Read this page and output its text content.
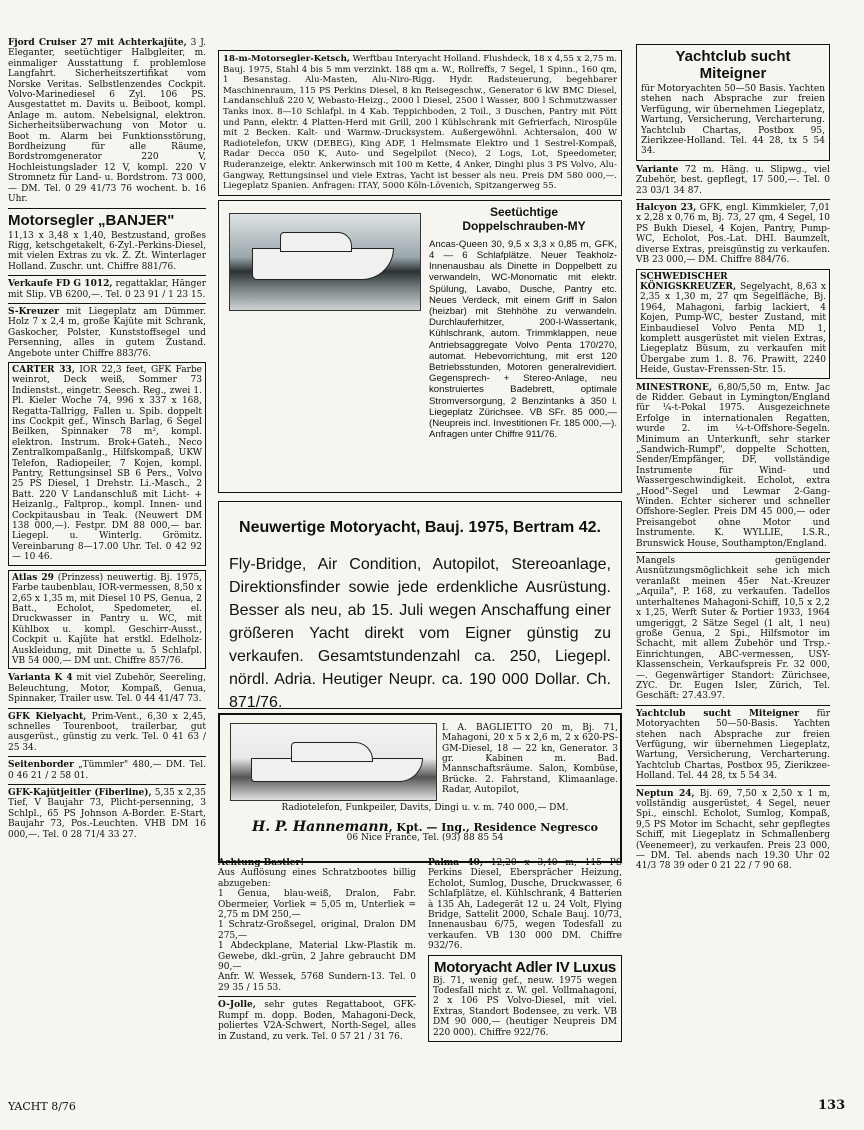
Fjord Cruiser 27 mit Achterkajüte, 3 J. Eleganter, seetüchtiger Halbgleiter, m. einmaliger Ausstattung f. problemlose Langfahrt. Sicherheitszertifikat vom Norske Veritas. Selbstlenzendes Cockpit. Volvo-Marinediesel 6 Zyl. 106 PS. Ausgestattet m. Davits u. Beiboot, kompl. Anlage m. autom. Nebelsignal, elektron. Sicherheitsüberwachung von Motor u. Boot m. Alarm bei Funktionsstörung, Bordheizung für alle Räume, Bordstromgenerator 220 V, Hochleistungslader 12 V, kompl. 220 V Stromnetz für Land- u. Bordstrom. 73 000,— DM. Tel. 0 29 41/73 76 wochent. b. 16 Uhr.

Motorsegler „BANJER"

11,13 x 3,48 x 1,40, Bestzustand, großes Rigg, ketschgetakelt, 6-Zyl.-Perkins-Diesel, mit vielen Extras zu vk. Z. Zt. Winterlager Holland. Zuschr. unt. Chiffre 881/76.

Verkaufe FD G 1012, regattaklar, Hänger mit Slip. VB 6200,—. Tel. 0 23 91 / 1 23 15.

S-Kreuzer mit Liegeplatz am Dümmer. Holz 7 x 2,4 m, große Kajüte mit Schrank, Gaskocher, Polster, Kunststoffsegel und Persenning, alles in gutem Zustand. Angebote unter Chiffre 883/76.

CARTER 33, IOR 22,3 feet, GFK Farbe weinrot, Deck weiß, Sommer 73 Indienstst., eingetr. Seesch. Reg., zwei 1. Pl. Kieler Woche 74, 996 x 337 x 168, Regatta-Tallrigg, Fallen u. Spib. doppelt ins Cockpit gef., Winsch Barlag, 6 Segel Beilken, Spinnaker 78 m², kompl. elektron. Instrum. Brok+Gateh., Neco Zentralkompaßanlg., Hilfskompaß, UKW Telefon, Radiopeiler, 7 Kojen, kompl. Pantry, Rettungsinsel SB 6 Pers., Volvo 25 PS Diesel, 1 Drehstr. Li.-Masch., 2 Batt. 220 V Landanschluß mit Licht- + Heizanlg., Faltprop., kompl. Innen- und Cockpitausbau in Teak. (Neuwert DM 138 000,—). Festpr. DM 88 000,— bar. Liegepl. u. Winterlg. Grömitz. Vereinbarung 8—17.00 Uhr. Tel. 0 42 92 — 10 46.

Atlas 29 (Prinzess) neuwertig. Bj. 1975, Farbe taubenblau, IOR-vermessen, 8,50 x 2,65 x 1,35 m, mit Diesel 10 PS, Genua, 2 Batt., Echolot, Spedometer, el. Druckwasser in Pantry u. WC, mit Kühlbox u. kompl. Geschirr-Ausst., Cockpit u. Kajüte hat erstkl. Edelholz-Auskleidung, mit Dinette u. 5 Schlafpl. VB 54 000,— DM unt. Chiffre 857/76.

Varianta K 4 mit viel Zubehör, Seereling, Beleuchtung, Motor, Kompaß, Genua, Spinnaker, Trailer usw. Tel. 0 44 41/47 73.

GFK Kielyacht, Prim-Vent., 6,30 x 2,45, schnelles Tourenboot, trailerbar, gut ausgerüst., günstig zu verk. Tel. 0 41 63 / 25 34.

Seitenborder „Tümmler" 480,— DM. Tel. 0 46 21 / 2 58 01.

GFK-Kajütjeitler (Fiberline), 5,35 x 2,35 Tief, V Baujahr 73, Plicht-persenning, 3 Schlpl., 65 PS Johnson A-Border. E-Start, Baujahr 73, Pos.-Leuchten. VHB DM 16 000,—. Tel. 0 28 71/4 33 27.

18-m-Motorsegler-Ketsch, Werftbau Interyacht Holland. Flushdeck, 18 x 4,55 x 2,75 m. Bauj. 1975, Stahl 4 bis 5 mm verzinkt. 188 qm a. W., Rollreffs, 7 Segel, 1 Spinn., 160 qm, 1 Besanstag. Alu-Masten, Alu-Niro-Rigg. Hydr. Radsteuerung, begehbarer Maschinenraum, 115 PS Perkins Diesel, 8 kn Reisegeschw., Generator 6 kW BMC Diesel, Landanschluß 220 V, Webasto-Heizg., 2000 l Diesel, 2500 l Wasser, 800 l Schmutzwasser Tanks inox. 8—10 Schlafpl. in 4 Kab. Teppichboden, 2 Toil., 3 Duschen, Pantry mit Pött und Pann, elektr. 4 Platten-Herd mit Grill, 200 l Kühlschrank mit Gefrierfach, Nirospüle mit 2 Becken. Kalt- und Warmw.-Drucksystem. Außergewöhnl. Achtersalon, 400 W Radiotelefon, UKW (DEBEG), King ADF, 1 Helmsmate Elektro und 1 Sestrel-Kompaß, Radar Decca 050 K, Auto- und Segelpilot (Neco), 2 Logs, Lot, Speedometer, Ruderanzeige, elektr. Ankerwinsch mit 100 m Kette, 4 Anker, Dinghi plus 3 PS Volvo, Alu-Gangway, Rettungsinsel und viele Extras, Yacht ist besser als neu. Preis DM 580 000,—. Liegeplatz Spanien. Anfragen: ITAY, 5000 Köln-Lövenich, Spitzangerweg 55.

Seetüchtige
Doppelschrauben-MY

Ancas-Queen 30, 9,5 x 3,3 x 0,85 m, GFK, 4 — 6 Schlafplätze. Neuer Teakholz-Innenausbau als Dinette in Doppelbett zu verwandeln, WC-Monomatic mit elektr. Spülung, Lavabo, Dusche, Pantry etc. Neues Verdeck, mit einem Griff in Salon (heizbar) mit Stehhöhe zu verwandeln. Durchlauferhitzer, 200-l-Wassertank, Kühlschrank, autom. Trimmklappen, neue Antriebsaggregate Volvo Penta 170/270, automat. Hebevorrichtung, mit erst 120 Betriebsstunden, Motoren generalrevidiert. Gegensprech- + Stereo-Anlage, neu konstruiertes Badebrett, optimale Stromversorgung, 2 Benzintanks à 350 l. Liegeplatz Zürichsee. VB SFr. 85 000,— (Neupreis incl. Investitionen Fr. 185 000,—). Anfragen unter Chiffre 911/76.

Neuwertige Motoryacht, Bauj. 1975, Bertram 42.

Fly-Bridge, Air Condition, Autopilot, Stereoanlage, Direktionsfinder sowie jede erdenkliche Ausrüstung. Besser als neu, ab 15. Juli wegen Anschaffung einer größeren Yacht direkt vom Eigner günstig zu verkaufen. Gesamtstundenzahl ca. 250, Liegepl. nördl. Adria. Heutiger Neupr. ca. 190 000 Dollar. Ch. 871/76.

I. A. BAGLIETTO 20 m, Bj. 71, Mahagoni, 20 x 5 x 2,6 m, 2 x 620-PS-GM-Diesel, 18 — 22 kn, Generator. 3 gr. Kabinen m. Bad. Mannschaftsräume. Salon, Kombüse, Brücke. 2. Fahrstand, Klimaanlage. Radar, Autopilot,

Radiotelefon, Funkpeiler, Davits, Dingi u. v. m. 740 000,— DM.

H. P. Hannemann, Kpt. — Ing., Residence Negresco
06 Nice France, Tel. (93) 88 85 54

Achtung Bastler!
Aus Auflösung eines Schratzbootes billig abzugeben:
1 Genua, blau-weiß, Dralon, Fabr. Obermeier, Vorliek = 5,05 m, Unterliek = 2,75 m DM 250,—
1 Schratz-Großsegel, original, Dralon DM 275,—
1 Abdeckplane, Material Lkw-Plastik m. Gewebe, dkl.-grün, 2 Jahre gebraucht DM 90,—
Anfr. W. Wessek, 5768 Sundern-13. Tel. 0 29 35 / 15 53.

O-Jolle, sehr gutes Regattaboot, GFK-Rumpf m. dopp. Boden, Mahagoni-Deck, poliertes V2A-Schwert, North-Segel, alles in Zustand, zu verk. Tel. 0 57 21 / 31 76.

Palma 40, 12,20 x 3,40 m, 115 PS Perkins Diesel, Ebersprächer Heizung, Echolot, Sumlog, Dusche, Druckwasser, 6 Schlafplätze, el. Kühlschrank, 4 Batterien à 135 Ah, Ladegerät 12 u. 24 Volt, Flying Bridge, Sattelit 2000, Schale Bauj. 10/73, Innenausbau 6/75, wegen Todesfall zu verkaufen. VB 130 000 DM. Chiffre 932/76.

Motoryacht Adler IV Luxus

Bj. 71, wenig gef., neuw. 1975 wegen Todesfall nicht z. W. gel. Vollmahagoni, 2 x 106 PS Volvo-Diesel, mit viel. Extras, Standort Bodensee, zu verk. VB DM 90 000,— (heutiger Neupreis DM 220 000). Chiffre 922/76.

Yachtclub sucht Miteigner

für Motoryachten 50—50 Basis. Yachten stehen nach Absprache zur freien Verfügung, wir übernehmen Liegeplatz, Wartung, Versicherung, Vercharterung. Yachtclub Chartas, Postbox 95, Zierikzee-Holland. Tel. 44 28, tx 5 54 34.

Variante 72 m. Häng. u. Slipwg., viel Zubehör, best. gepflegt, 17 500,—. Tel. 0 23 03/1 34 87.

Halcyon 23, GFK, engl. Kimmkieler, 7,01 x 2,28 x 0,76 m, Bj. 73, 27 qm, 4 Segel, 10 PS Bukh Diesel, 4 Kojen, Pantry, Pump-WC, Echolot, Pos.-Lat. DHI. Baumzelt, diverse Extras, preisgünstig zu verkaufen. VB 23 000,— DM. Chiffre 884/76.

SCHWEDISCHER KÖNIGSKREUZER, Segelyacht, 8,63 x 2,35 x 1,30 m, 27 qm Segelfläche, Bj. 1964, Mahagoni, farbig lackiert, 4 Kojen, Pump-WC, bester Zustand, mit Einbaudiesel Volvo Penta MD 1, komplett ausgerüstet mit vielen Extras, Liegeplatz Büsum, zu verkaufen mit Übergabe zum 1. 8. 76. Prawitt, 2240 Heide, Gustav-Frenssen-Str. 15.

MINESTRONE, 6,80/5,50 m, Entw. Jac de Ridder. Gebaut in Lymington/England für ¼-t-Pokal 1975. Ausgezeichnete Erfolge in internationalen Regatten, wurde 2. im ¼-t-Offshore-Segeln. Minimum an Unterkunft, sehr starker „Sandwich-Rumpf", doppelte Schotten, Sender/Empfänger, DF, vollständige Instrumente für Wind- und Wassergeschwindigkeit. Echolot, extra „Hood"-Segel und Lewmar 2-Gang-Winden. Echter sicherer und schneller Offshore-Segler. Preis DM 45 000,— oder Preisangebot ohne Motor und Instrumente. K. WYLLIE, I.S.R., Brunswick House, Southampton/England.

Mangels genügender Ausnützungsmöglichkeit sehe ich mich veranlaßt meinen 45er Nat.-Kreuzer „Aquila", P. 168, zu verkaufen. Tadellos unterhaltenes Mahagoni-Schiff, 10,5 x 2,2 x 1,25, Werft Suter & Portier 1933, 1964 umgeriggt, 2 Sätze Segel (1 alt, 1 neu) große Genua, 2 Spi., Hilfsmotor im Schacht, mit allem Zubehör und Trsp.-Einrichtungen, ABC-vermessen, USY-Klassenschein, Verkaufspreis Fr. 32 000,—. Gegenwärtiger Standort: Zürichsee, ZYC. Dr. Eugen Isler, Zürich, Tel. Geschäft: 27.43.97.

Yachtclub sucht Miteigner für Motoryachten 50—50-Basis. Yachten stehen nach Absprache zur freien Verfügung, wir übernehmen Liegeplatz, Wartung, Versicherung, Vercharterung. Yachtclub Chartas, Postbox 95, Zierikzee-Holland. Tel. 44 28, tx 5 54 34.

Neptun 24, Bj. 69, 7,50 x 2,50 x 1 m, vollständig ausgerüstet, 4 Segel, neuer Spi., einschl. Echolot, Sumlog, Kompaß, 9,5 PS Motor im Schacht, sehr gepflegtes Schiff, mit Liegeplatz in Schmallenberg (Veenemeer), zu verkaufen. Preis 23 000,— DM. Tel. abends nach 19.30 Uhr 02 41/3 78 39 oder 0 21 22 / 7 90 68.

YACHT 8/76	133
